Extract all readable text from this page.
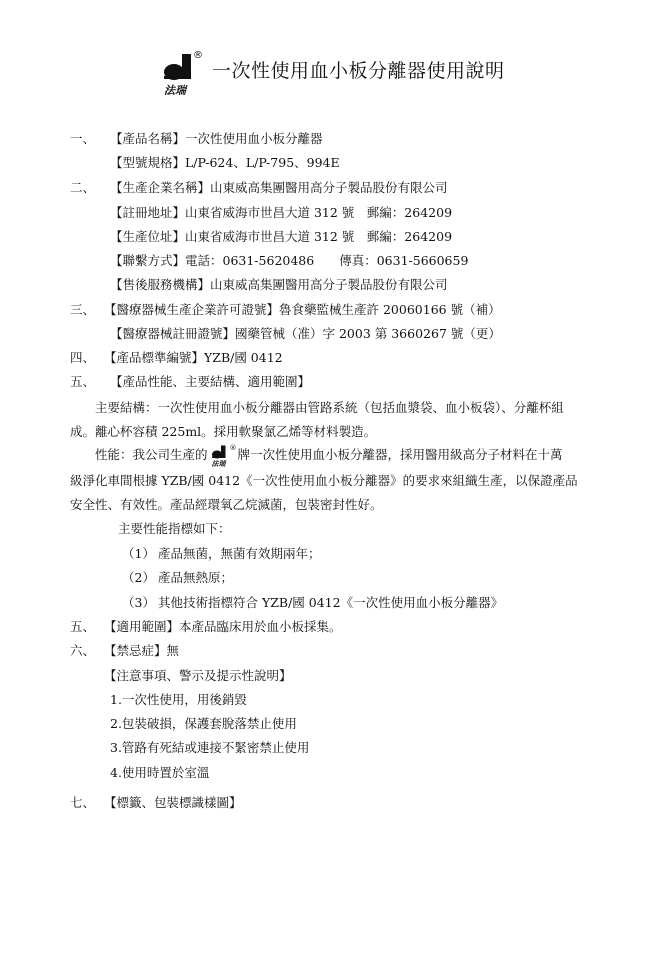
®
法瑞
一次性使用血小板分離器使用說明
一、 【產品名稱】一次性使用血小板分離器
【型號規格】L/P-624、L/P-795、994E
二、 【生產企業名稱】山東威高集團醫用高分子製品股份有限公司
【註冊地址】山東省威海市世昌大道 312 號　郵編：264209
【生產位址】山東省威海市世昌大道 312 號　郵編：264209
【聯繫方式】電話：0631-5620486　　傳真：0631-5660659
【售後服務機構】山東威高集團醫用高分子製品股份有限公司
三、 【醫療器械生產企業許可證號】魯食藥監械生產許 20060166 號（補）
【醫療器械註冊證號】國藥管械（准）字 2003 第 3660267 號（更）
四、 【產品標準編號】YZB/國 0412
五、 【產品性能、主要結構、適用範圍】
主要結構：一次性使用血小板分離器由管路系統（包括血漿袋、血小板袋）、分離杯組
成。離心杯容積 225ml。採用軟聚氯乙烯等材料製造。
性能：我公司生產的	®
法瑞
牌一次性使用血小板分離器，採用醫用級高分子材料在十萬
級淨化車間根據 YZB/國 0412《一次性使用血小板分離器》的要求來組織生產，以保證產品
安全性、有效性。產品經環氧乙烷滅菌，包裝密封性好。
主要性能指標如下：
（1） 產品無菌，無菌有效期兩年；
（2） 產品無熱原；
（3） 其他技術指標符合 YZB/國 0412《一次性使用血小板分離器》
五、 【適用範圍】本產品臨床用於血小板採集。
六、 【禁忌症】無
【注意事項、警示及提示性說明】
1.一次性使用，用後銷毀
2.包裝破損，保護套脫落禁止使用
3.管路有死結或連接不緊密禁止使用
4.使用時置於室溫
七、 【標籤、包裝標識樣圖】
